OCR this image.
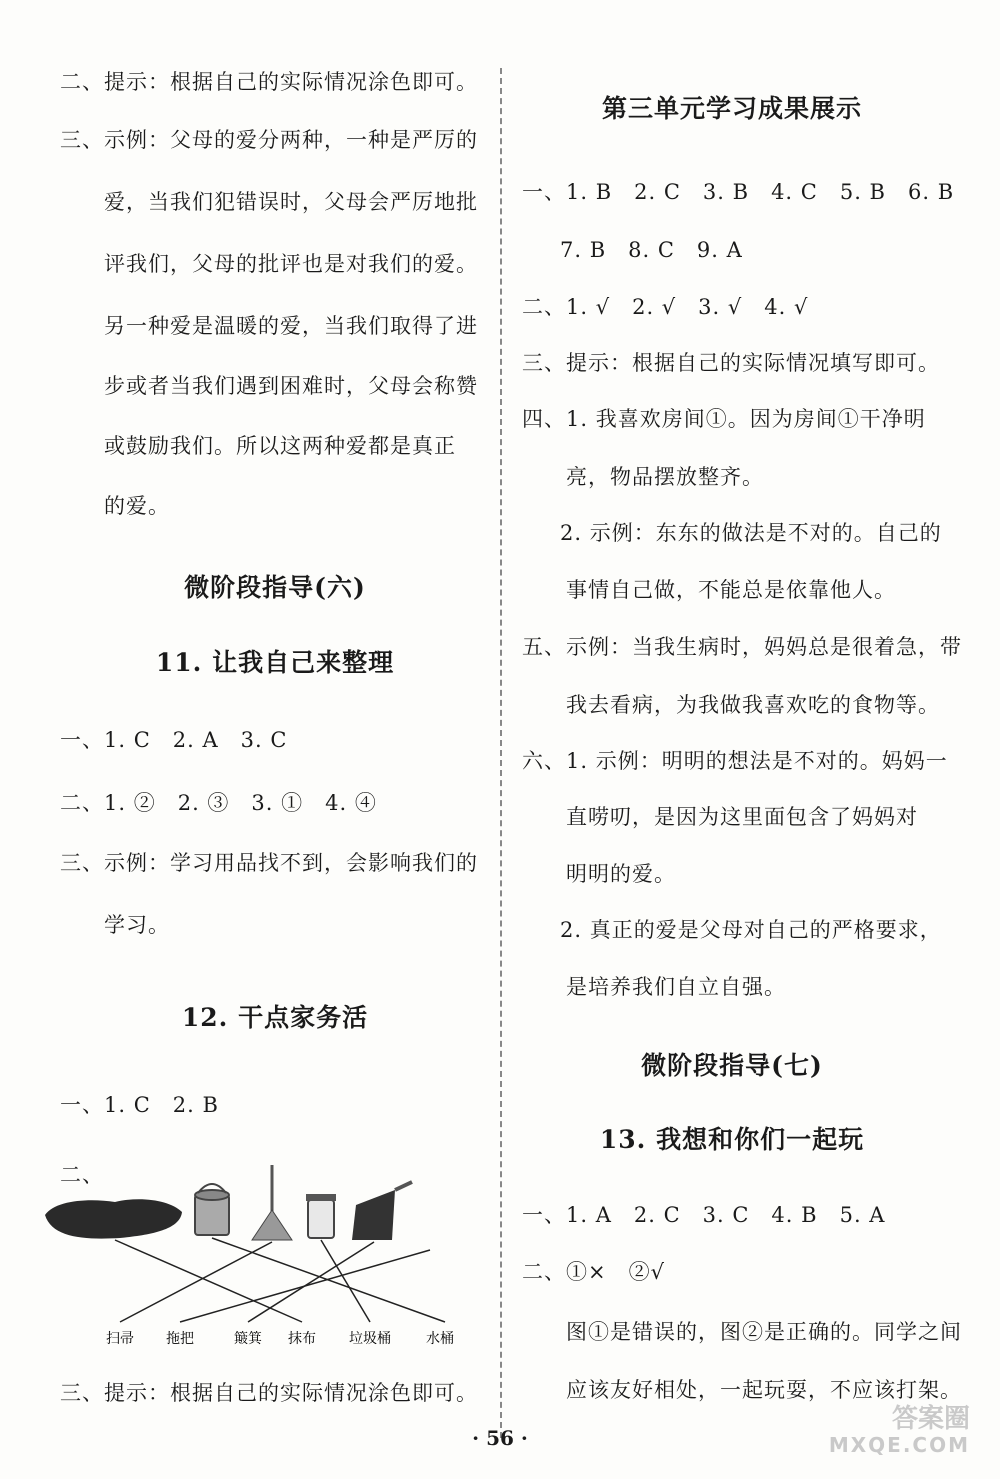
二、提示：根据自己的实际情况涂色即可。
三、示例：父母的爱分两种，一种是严厉的
爱，当我们犯错误时，父母会严厉地批
评我们，父母的批评也是对我们的爱。
另一种爱是温暖的爱，当我们取得了进
步或者当我们遇到困难时，父母会称赞
或鼓励我们。所以这两种爱都是真正
的爱。
微阶段指导(六)
11. 让我自己来整理
一、1. C　2. A　3. C
二、1. ②　2. ③　3. ①　4. ④
三、示例：学习用品找不到，会影响我们的
学习。
12. 干点家务活
一、1. C　2. B
二、
三、提示：根据自己的实际情况涂色即可。
扫帚 拖把	簸箕 抹布 垃圾桶	水桶
第三单元学习成果展示
一、1. B　2. C　3. B　4. C　5. B　6. B
7. B　8. C　9. A
二、1. √　2. √　3. √　4. √
三、提示：根据自己的实际情况填写即可。
四、1. 我喜欢房间①。因为房间①干净明
亮，物品摆放整齐。
2. 示例：东东的做法是不对的。自己的
事情自己做，不能总是依靠他人。
五、示例：当我生病时，妈妈总是很着急，带
我去看病，为我做我喜欢吃的食物等。
六、1. 示例：明明的想法是不对的。妈妈一
直唠叨，是因为这里面包含了妈妈对
明明的爱。
2. 真正的爱是父母对自己的严格要求，
是培养我们自立自强。
微阶段指导(七)
13. 我想和你们一起玩
一、1. A　2. C　3. C　4. B　5. A
二、①×　②√
图①是错误的，图②是正确的。同学之间
应该友好相处，一起玩耍，不应该打架。
· 56 ·
答案圈
MXQE.COM
